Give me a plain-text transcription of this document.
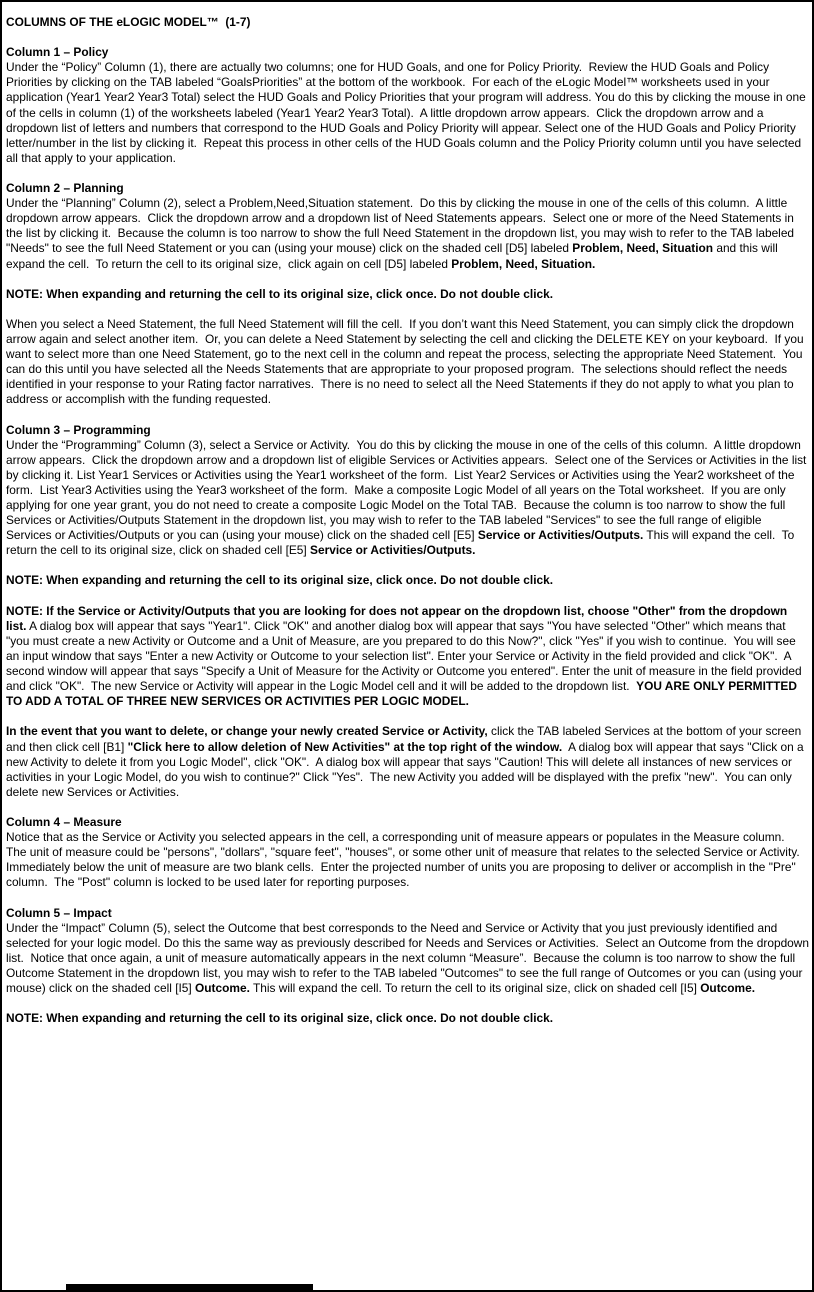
COLUMNS OF THE eLOGIC MODEL™  (1-7)

Column 1 – Policy

Under the “Policy” Column (1), there are actually two columns; one for HUD Goals, and one for Policy Priority.  Review the HUD Goals and Policy Priorities by clicking on the TAB labeled “GoalsPriorities” at the bottom of the workbook.  For each of the eLogic Model™ worksheets used in your application (Year1 Year2 Year3 Total) select the HUD Goals and Policy Priorities that your program will address. You do this by clicking the mouse in one of the cells in column (1) of the worksheets labeled (Year1 Year2 Year3 Total).  A little dropdown arrow appears.  Click the dropdown arrow and a dropdown list of letters and numbers that correspond to the HUD Goals and Policy Priority will appear. Select one of the HUD Goals and Policy Priority letter/number in the list by clicking it.  Repeat this process in other cells of the HUD Goals column and the Policy Priority column until you have selected all that apply to your application.

Column 2 – Planning

Under the “Planning” Column (2), select a Problem,Need,Situation statement.  Do this by clicking the mouse in one of the cells of this column.  A little dropdown arrow appears.  Click the dropdown arrow and a dropdown list of Need Statements appears.  Select one or more of the Need Statements in the list by clicking it.  Because the column is too narrow to show the full Need Statement in the dropdown list, you may wish to refer to the TAB labeled "Needs" to see the full Need Statement or you can (using your mouse) click on the shaded cell [D5] labeled Problem, Need, Situation and this will expand the cell.  To return the cell to its original size,  click again on cell [D5] labeled Problem, Need, Situation.

NOTE: When expanding and returning the cell to its original size, click once. Do not double click.

When you select a Need Statement, the full Need Statement will fill the cell.  If you don’t want this Need Statement, you can simply click the dropdown arrow again and select another item.  Or, you can delete a Need Statement by selecting the cell and clicking the DELETE KEY on your keyboard.  If you want to select more than one Need Statement, go to the next cell in the column and repeat the process, selecting the appropriate Need Statement.  You can do this until you have selected all the Needs Statements that are appropriate to your proposed program.  The selections should reflect the needs identified in your response to your Rating factor narratives.  There is no need to select all the Need Statements if they do not apply to what you plan to address or accomplish with the funding requested.

Column 3 – Programming

Under the “Programming” Column (3), select a Service or Activity.  You do this by clicking the mouse in one of the cells of this column.  A little dropdown arrow appears.  Click the dropdown arrow and a dropdown list of eligible Services or Activities appears.  Select one of the Services or Activities in the list by clicking it. List Year1 Services or Activities using the Year1 worksheet of the form.  List Year2 Services or Activities using the Year2 worksheet of the form.  List Year3 Activities using the Year3 worksheet of the form.  Make a composite Logic Model of all years on the Total worksheet.  If you are only applying for one year grant, you do not need to create a composite Logic Model on the Total TAB.  Because the column is too narrow to show the full Services or Activities/Outputs Statement in the dropdown list, you may wish to refer to the TAB labeled "Services" to see the full range of eligible Services or Activities/Outputs or you can (using your mouse) click on the shaded cell [E5] Service or Activities/Outputs. This will expand the cell.  To return the cell to its original size, click on shaded cell [E5] Service or Activities/Outputs.

NOTE: When expanding and returning the cell to its original size, click once. Do not double click.

NOTE: If the Service or Activity/Outputs that you are looking for does not appear on the dropdown list, choose "Other" from the dropdown list. A dialog box will appear that says "Year1". Click "OK" and another dialog box will appear that says "You have selected "Other" which means that "you must create a new Activity or Outcome and a Unit of Measure, are you prepared to do this Now?", click "Yes" if you wish to continue.  You will see an input window that says "Enter a new Activity or Outcome to your selection list". Enter your Service or Activity in the field provided and click "OK".  A second window will appear that says "Specify a Unit of Measure for the Activity or Outcome you entered". Enter the unit of measure in the field provided and click "OK".  The new Service or Activity will appear in the Logic Model cell and it will be added to the dropdown list.  YOU ARE ONLY PERMITTED TO ADD A TOTAL OF THREE NEW SERVICES OR ACTIVITIES PER LOGIC MODEL.

In the event that you want to delete, or change your newly created Service or Activity, click the TAB labeled Services at the bottom of your screen and then click cell [B1] "Click here to allow deletion of New Activities" at the top right of the window.  A dialog box will appear that says "Click on a new Activity to delete it from you Logic Model", click "OK".  A dialog box will appear that says "Caution! This will delete all instances of new services or activities in your Logic Model, do you wish to continue?" Click "Yes".  The new Activity you added will be displayed with the prefix "new".  You can only delete new Services or Activities.

Column 4 – Measure

Notice that as the Service or Activity you selected appears in the cell, a corresponding unit of measure appears or populates in the Measure column.  The unit of measure could be "persons", "dollars", "square feet", "houses", or some other unit of measure that relates to the selected Service or Activity.  Immediately below the unit of measure are two blank cells.  Enter the projected number of units you are proposing to deliver or accomplish in the "Pre" column.  The "Post" column is locked to be used later for reporting purposes.

Column 5 – Impact

Under the “Impact” Column (5), select the Outcome that best corresponds to the Need and Service or Activity that you just previously identified and selected for your logic model. Do this the same way as previously described for Needs and Services or Activities.  Select an Outcome from the dropdown list.  Notice that once again, a unit of measure automatically appears in the next column “Measure”.  Because the column is too narrow to show the full Outcome Statement in the dropdown list, you may wish to refer to the TAB labeled "Outcomes" to see the full range of Outcomes or you can (using your mouse) click on the shaded cell [I5] Outcome. This will expand the cell. To return the cell to its original size, click on shaded cell [I5] Outcome.

NOTE: When expanding and returning the cell to its original size, click once. Do not double click.
